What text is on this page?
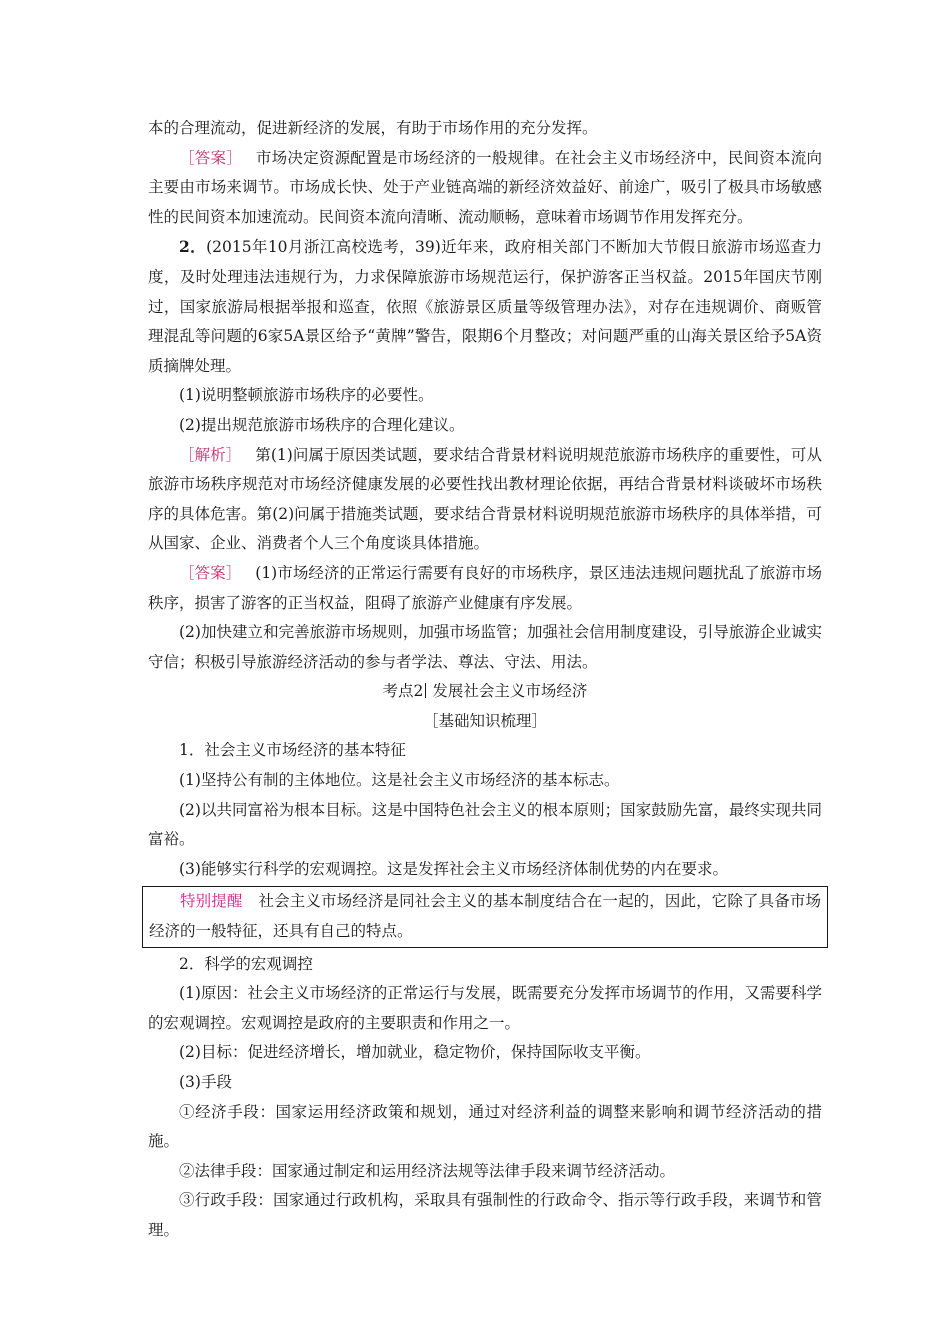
本的合理流动，促进新经济的发展，有助于市场作用的充分发挥。

［答案］ 市场决定资源配置是市场经济的一般规律。在社会主义市场经济中，民间资本流向主要由市场来调节。市场成长快、处于产业链高端的新经济效益好、前途广，吸引了极具市场敏感性的民间资本加速流动。民间资本流向清晰、流动顺畅，意味着市场调节作用发挥充分。

2．(2015年10月浙江高校选考，39)近年来，政府相关部门不断加大节假日旅游市场巡查力度，及时处理违法违规行为，力求保障旅游市场规范运行，保护游客正当权益。2015年国庆节刚过，国家旅游局根据举报和巡查，依照《旅游景区质量等级管理办法》，对存在违规调价、商贩管理混乱等问题的6家5A景区给予“黄牌”警告，限期6个月整改；对问题严重的山海关景区给予5A资质摘牌处理。

(1)说明整顿旅游市场秩序的必要性。

(2)提出规范旅游市场秩序的合理化建议。

［解析］ 第(1)问属于原因类试题，要求结合背景材料说明规范旅游市场秩序的重要性，可从旅游市场秩序规范对市场经济健康发展的必要性找出教材理论依据，再结合背景材料谈破坏市场秩序的具体危害。第(2)问属于措施类试题，要求结合背景材料说明规范旅游市场秩序的具体举措，可从国家、企业、消费者个人三个角度谈具体措施。

［答案］ (1)市场经济的正常运行需要有良好的市场秩序，景区违法违规问题扰乱了旅游市场秩序，损害了游客的正当权益，阻碍了旅游产业健康有序发展。

(2)加快建立和完善旅游市场规则，加强市场监管；加强社会信用制度建设，引导旅游企业诚实守信；积极引导旅游经济活动的参与者学法、尊法、守法、用法。

考点2 发展社会主义市场经济

［基础知识梳理］

1．社会主义市场经济的基本特征

(1)坚持公有制的主体地位。这是社会主义市场经济的基本标志。

(2)以共同富裕为根本目标。这是中国特色社会主义的根本原则；国家鼓励先富，最终实现共同富裕。

(3)能够实行科学的宏观调控。这是发挥社会主义市场经济体制优势的内在要求。

特别提醒 社会主义市场经济是同社会主义的基本制度结合在一起的，因此，它除了具备市场经济的一般特征，还具有自己的特点。

2．科学的宏观调控

(1)原因：社会主义市场经济的正常运行与发展，既需要充分发挥市场调节的作用，又需要科学的宏观调控。宏观调控是政府的主要职责和作用之一。

(2)目标：促进经济增长，增加就业，稳定物价，保持国际收支平衡。

(3)手段

①经济手段：国家运用经济政策和规划，通过对经济利益的调整来影响和调节经济活动的措施。

②法律手段：国家通过制定和运用经济法规等法律手段来调节经济活动。

③行政手段：国家通过行政机构，采取具有强制性的行政命令、指示等行政手段，来调节和管理。
